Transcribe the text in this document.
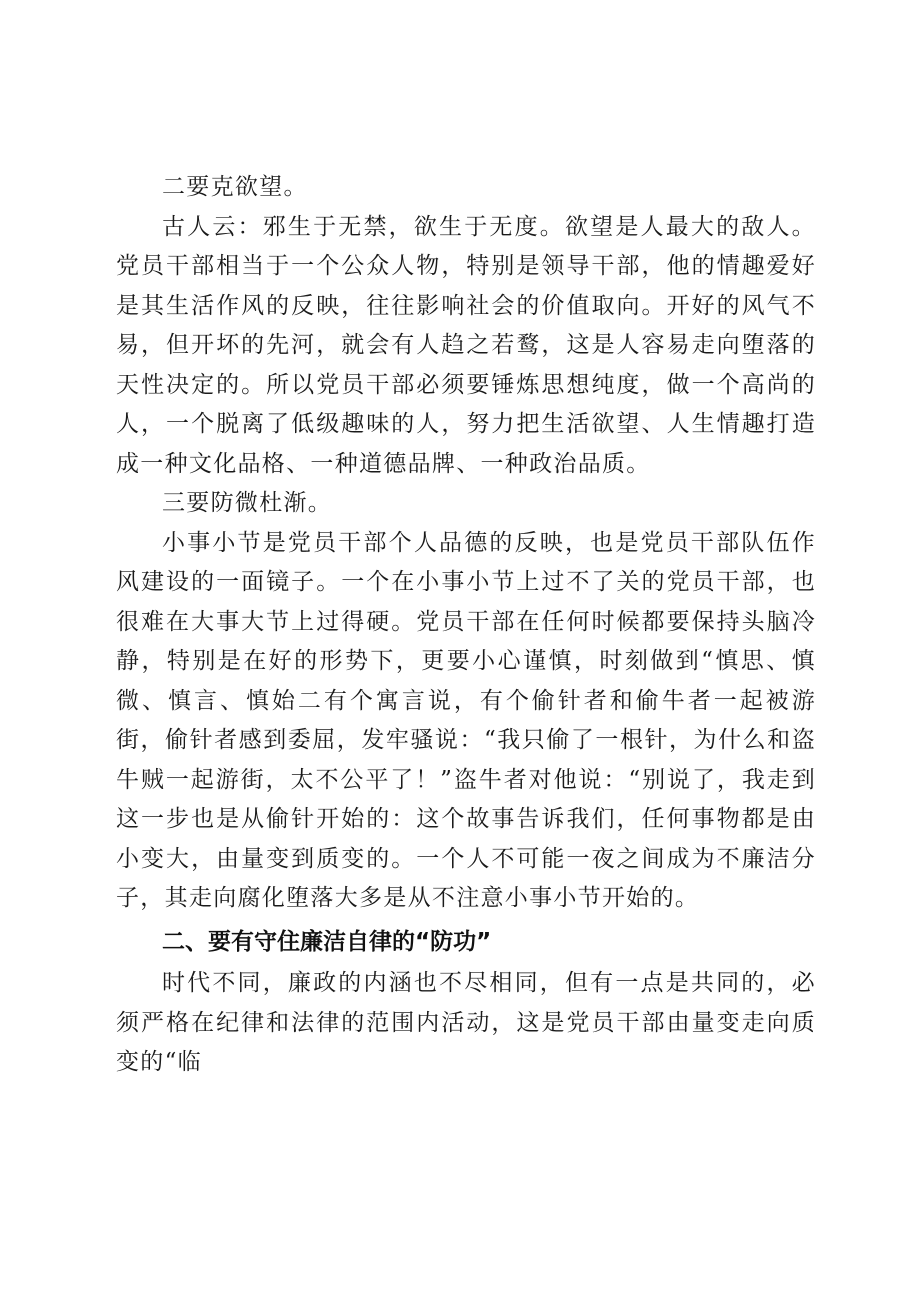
二要克欲望。

古人云：邪生于无禁，欲生于无度。欲望是人最大的敌人。党员干部相当于一个公众人物，特别是领导干部，他的情趣爱好是其生活作风的反映，往往影响社会的价值取向。开好的风气不易，但开坏的先河，就会有人趋之若鹜，这是人容易走向堕落的天性决定的。所以党员干部必须要锤炼思想纯度，做一个高尚的人，一个脱离了低级趣味的人，努力把生活欲望、人生情趣打造成一种文化品格、一种道德品牌、一种政治品质。

三要防微杜渐。

小事小节是党员干部个人品德的反映，也是党员干部队伍作风建设的一面镜子。一个在小事小节上过不了关的党员干部，也很难在大事大节上过得硬。党员干部在任何时候都要保持头脑冷静，特别是在好的形势下，更要小心谨慎，时刻做到“慎思、慎微、慎言、慎始二有个寓言说，有个偷针者和偷牛者一起被游街，偷针者感到委屈，发牢骚说：“我只偷了一根针，为什么和盗牛贼一起游街，太不公平了！”盗牛者对他说：“别说了，我走到这一步也是从偷针开始的：这个故事告诉我们，任何事物都是由小变大，由量变到质变的。一个人不可能一夜之间成为不廉洁分子，其走向腐化堕落大多是从不注意小事小节开始的。

二、要有守住廉洁自律的“防功”

时代不同，廉政的内涵也不尽相同，但有一点是共同的，必须严格在纪律和法律的范围内活动，这是党员干部由量变走向质变的“临
